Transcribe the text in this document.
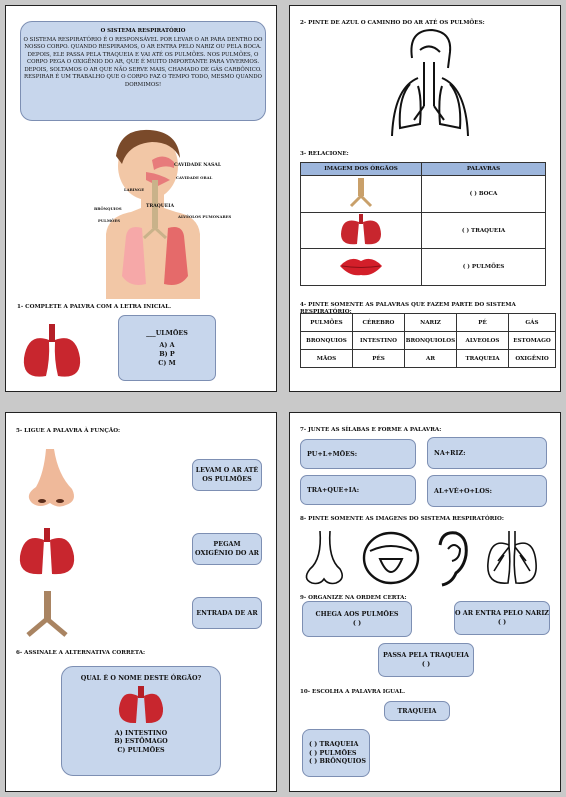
O SISTEMA RESPIRATÓRIO
O SISTEMA RESPIRATÓRIO É O RESPONSÁVEL POR LEVAR O AR PARA DENTRO DO
NOSSO CORPO. QUANDO RESPIRAMOS, O AR ENTRA PELO NARIZ OU PELA BOCA.
DEPOIS, ELE PASSA PELA TRAQUEIA E VAI ATÉ OS PULMÕES. NOS PULMÕES, O
CORPO PEGA O OXIGÊNIO DO AR, QUE É MUITO IMPORTANTE PARA VIVERMOS.
DEPOIS, SOLTAMOS O AR QUE NÃO SERVE MAIS, CHAMADO DE GÁS CARBÔNICO.
RESPIRAR É UM TRABALHO QUE O CORPO FAZ O TEMPO TODO, MESMO QUANDO
DORMIMOS!
CAVIDADE NASAL
CAVIDADE ORAL
LARINGE
TRAQUEIA
BRÔNQUIOS
ALVÉOLOS PUMONARES
PULMÕES
1- COMPLETE A PALVRA COM A LETRA INICIAL.
___ULMÕES
A) A
B) P
C) M
2- PINTE DE AZUL O CAMINHO DO AR ATÉ OS PULMÕES:
3- RELACIONE:
IMAGEM DOS ÓRGÃOS	PALAVRAS
	( ) BOCA
	( ) TRAQUEIA
	( ) PULMÕES
4- PINTE SOMENTE AS PALAVRAS QUE FAZEM PARTE DO SISTEMA RESPIRATÓRIO:
PULMÕES	CÉREBRO	NARIZ	PÉ	GÁS
BRONQUIOS	INTESTINO	BRONQUIOLOS	ALVEOLOS	ESTOMAGO
MÃOS	PÉS	AR	TRAQUEIA	OXIGÊNIO
5- LIGUE A PALAVRA À FUNÇÃO:
LEVAM O AR ATÉ
OS PULMÕES
PEGAM
OXIGÊNIO DO AR
ENTRADA DE AR
6- ASSINALE A ALTERNATIVA CORRETA:
QUAL É O NOME DESTE ÓRGÃO?
A) INTESTINO
B) ESTÔMAGO
C) PULMÕES
7- JUNTE AS SÍLABAS E FORME A PALAVRA:
PU+L+MÕES:	NA+RIZ:
TRA+QUE+IA:	AL+VÉ+O+LOS:
8- PINTE SOMENTE AS IMAGENS DO SISTEMA RESPIRATÓRIO:
9- ORGANIZE NA ORDEM CERTA:
CHEGA AOS PULMÕES
( )
O AR ENTRA PELO NARIZ
( )
PASSA PELA TRAQUEIA
( )
10- ESCOLHA A PALAVRA IGUAL.
TRAQUEIA
( ) TRAQUEIA
( ) PULMÕES
( ) BRÔNQUIOS
